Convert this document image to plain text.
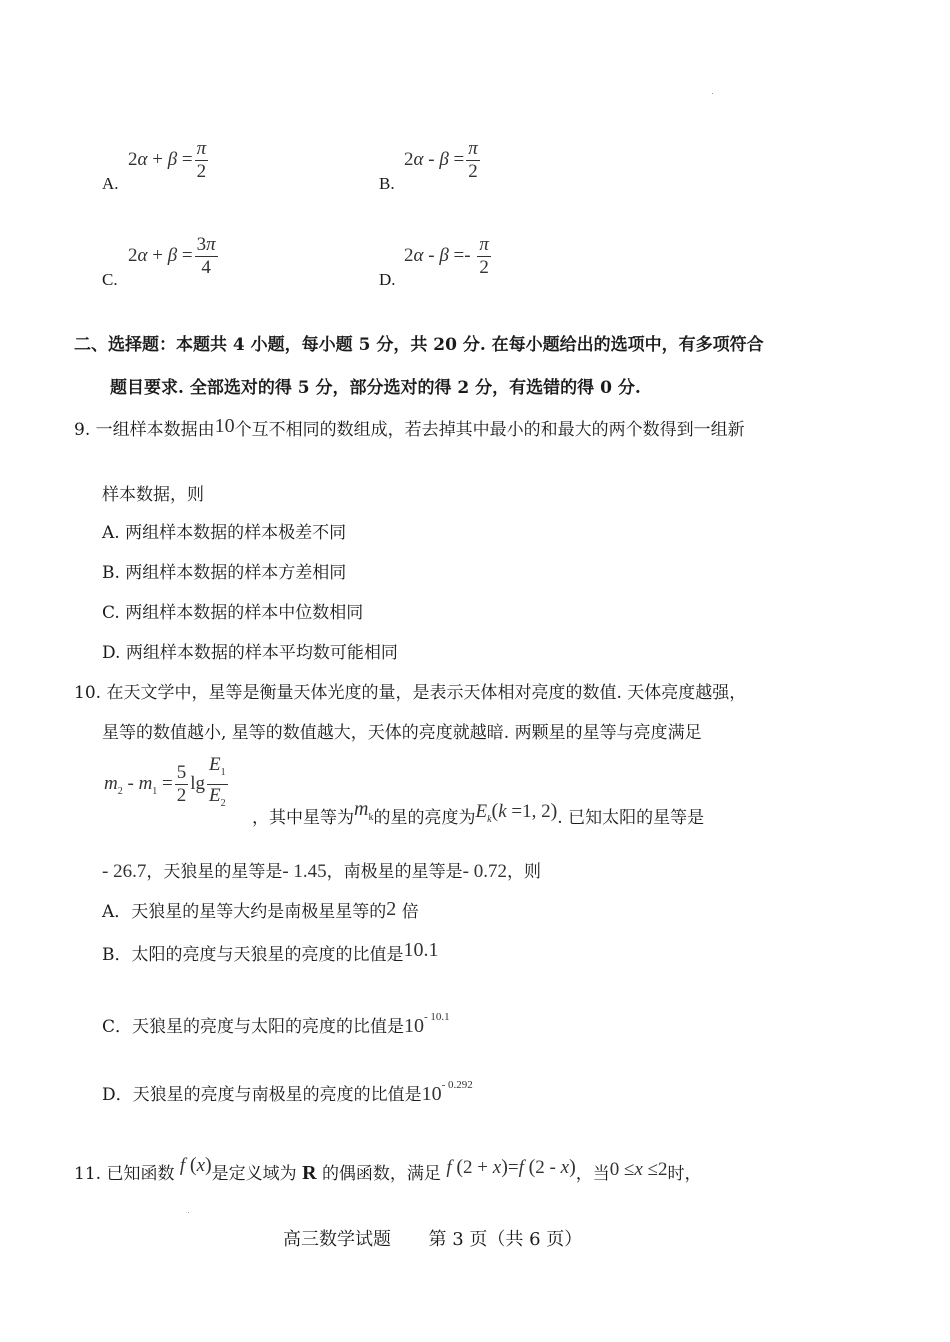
A.
$2\alpha + \beta = \frac{\pi}{2}$
B.
$2\alpha - \beta = \frac{\pi}{2}$
C.
$2\alpha + \beta = \frac{3\pi}{4}$
D.
$2\alpha - \beta =- \frac{\pi}{2}$
二、选择题：本题共 4 小题，每小题 5 分，共 20 分. 在每小题给出的选项中，有多项符合
题目要求. 全部选对的得 5 分，部分选对的得 2 分，有选错的得 0 分.
9. 一组样本数据由10个互不相同的数组成，若去掉其中最小的和最大的两个数得到一组新
样本数据，则
A. 两组样本数据的样本极差不同
B. 两组样本数据的样本方差相同
C. 两组样本数据的样本中位数相同
D. 两组样本数据的样本平均数可能相同
10. 在天文学中，星等是衡量天体光度的量，是表示天体相对亮度的数值. 天体亮度越强，
星等的数值越小, 星等的数值越大，天体的亮度就越暗. 两颗星的星等与亮度满足
$m_2 - m_1 = \frac{5}{2}$ $\lg \frac{E_1}{E_2}$
，其中星等为$m_k$的星的亮度为$E_k(k =1$, 2). 已知太阳的星等是
- 26.7，天狼星的星等是- 1.45，南极星的星等是- 0.72，则
A．天狼星的星等大约是南极星星等的2 倍
B．太阳的亮度与天狼星的亮度的比值是10.1
C．天狼星的亮度与太阳的亮度的比值是$10^{- 10.1}$
D．天狼星的亮度与南极星的亮度的比值是$10^{- 0.292}$
11. 已知函数 f (x)是定义域为 R 的偶函数，满足 f (2 + x)=f (2 - x)，当0 ≤x ≤2时，
高三数学试题 第 3 页（共 6 页）
